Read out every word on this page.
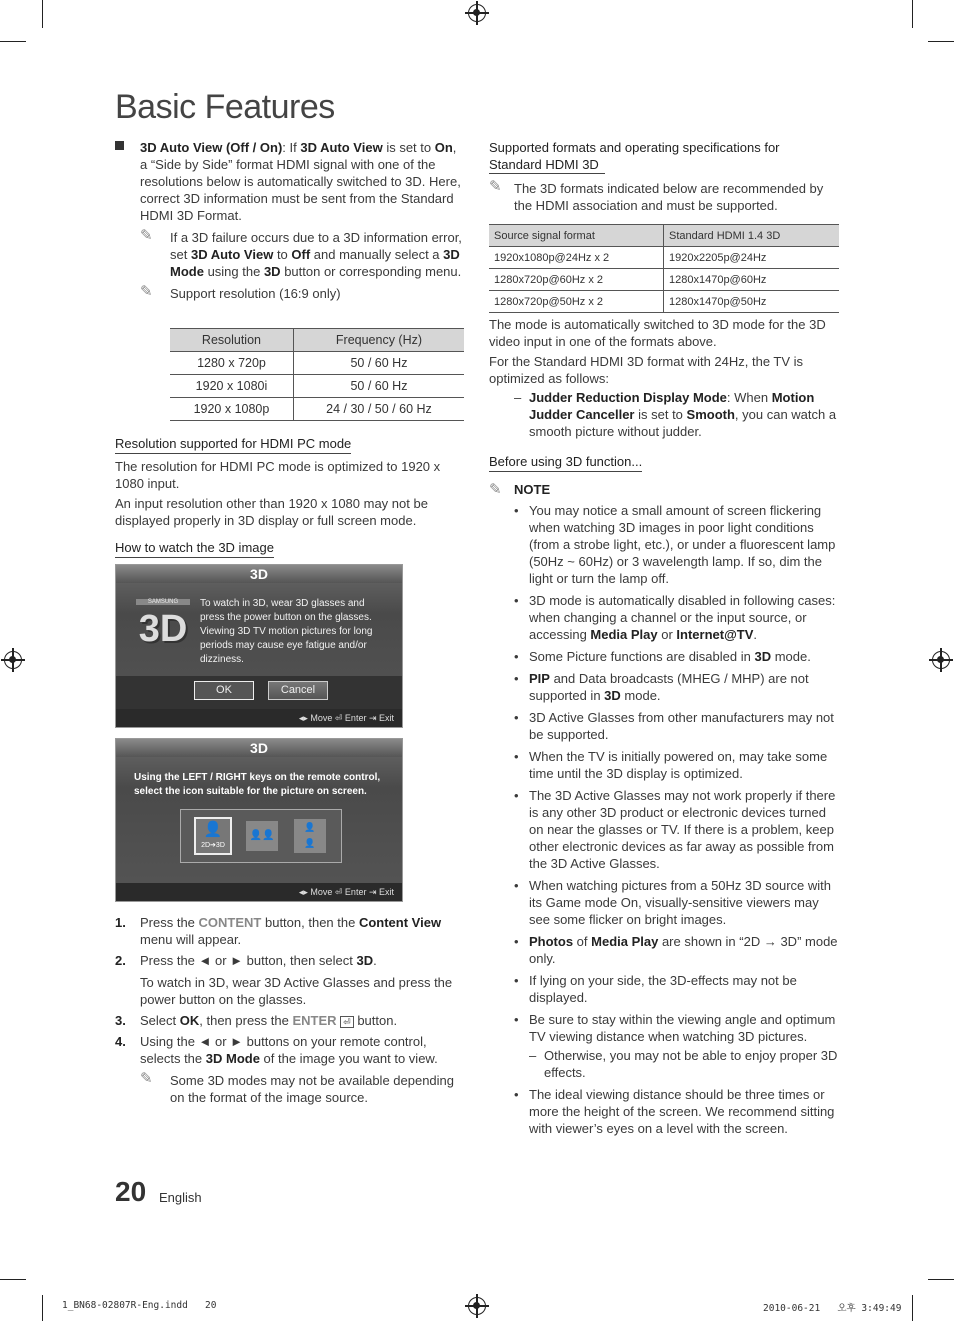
Basic Features

3D Auto View (Off / On): If 3D Auto View is set to On, a “Side by Side” format HDMI signal with one of the resolutions below is automatically switched to 3D. Here, correct 3D information must be sent from the Standard HDMI 3D Format.

✎	If a 3D failure occurs due to a 3D information error, set 3D Auto View to Off and manually select a 3D Mode using the 3D button or corresponding menu.

✎	Support resolution (16:9 only)

Resolution	Frequency (Hz)
1280 x 720p	50 / 60 Hz
1920 x 1080i	50 / 60 Hz
1920 x 1080p	24 / 30 / 50 / 60 Hz
Resolution supported for HDMI PC mode

The resolution for HDMI PC mode is optimized to 1920 x 1080 input.

An input resolution other than 1920 x 1080 may not be displayed properly in 3D display or full screen mode.

How to watch the 3D image
3D
SAMSUNG
3D
To watch in 3D, wear 3D glasses and press the power button on the glasses. Viewing 3D TV motion pictures for long periods may cause eye fatigue and/or dizziness.
OK	Cancel
◂▸ Move ⏎ Enter ⇥ Exit
3D
Using the LEFT / RIGHT keys on the remote control, select the icon suitable for the picture on screen.
👤
2D➔3D
👤👤
👤
👤
◂▸ Move ⏎ Enter ⇥ Exit
1. Press the CONTENT button, then the Content View menu will appear.

2. Press the ◄ or ► button, then select 3D.

To watch in 3D, wear 3D Active Glasses and press the power button on the glasses.

3. Select OK, then press the ENTER ⏎ button.

4. Using the ◄ or ► buttons on your remote control, selects the 3D Mode of the image you want to view.

✎	Some 3D modes may not be available depending on the format of the image source.

Supported formats and operating specifications for Standard HDMI 3D

✎ The 3D formats indicated below are recommended by the HDMI association and must be supported.

Source signal format	Standard HDMI 1.4 3D
1920x1080p@24Hz x 2	1920x2205p@24Hz
1280x720p@60Hz x 2	1280x1470p@60Hz
1280x720p@50Hz x 2	1280x1470p@50Hz

The mode is automatically switched to 3D mode for the 3D video input in one of the formats above.

For the Standard HDMI 3D format with 24Hz, the TV is optimized as follows:

– Judder Reduction Display Mode: When Motion Judder Canceller is set to Smooth, you can watch a smooth picture without judder.

Before using 3D function...
✎ NOTE

• You may notice a small amount of screen flickering when watching 3D images in poor light conditions (from a strobe light, etc.), or under a fluorescent lamp (50Hz ~ 60Hz) or 3 wavelength lamp. If so, dim the light or turn the lamp off.

• 3D mode is automatically disabled in following cases: when changing a channel or the input source, or accessing Media Play or Internet@TV.

• Some Picture functions are disabled in 3D mode.

• PIP and Data broadcasts (MHEG / MHP) are not supported in 3D mode.

• 3D Active Glasses from other manufacturers may not be supported.

• When the TV is initially powered on, may take some time until the 3D display is optimized.

• The 3D Active Glasses may not work properly if there is any other 3D product or electronic devices turned on near the glasses or TV. If there is a problem, keep other electronic devices as far away as possible from the 3D Active Glasses.

• When watching pictures from a 50Hz 3D source with its Game mode On, visually-sensitive viewers may see some flicker on bright images.

• Photos of Media Play are shown in “2D → 3D” mode only.

• If lying on your side, the 3D-effects may not be displayed.

• Be sure to stay within the viewing angle and optimum TV viewing distance when watching 3D pictures.

– Otherwise, you may not be able to enjoy proper 3D effects.

• The ideal viewing distance should be three times or more the height of the screen. We recommend sitting with viewer’s eyes on a level with the screen.

20 English
1_BN68-02807R-Eng.indd   20	2010-06-21   오후 3:49:49
